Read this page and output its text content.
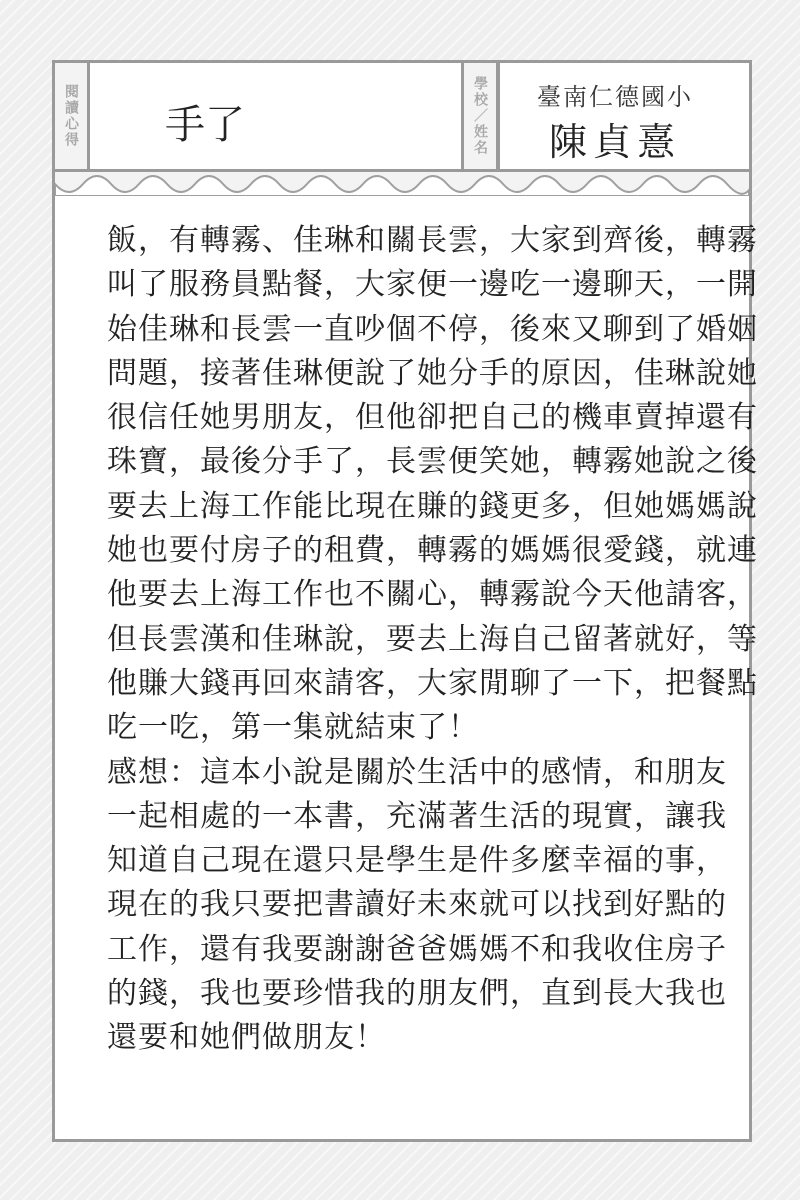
閱讀心得 手了
學校
／
姓名
臺南仁德國小
陳貞憙
飯，有轉霧、佳琳和關長雲，大家到齊後，轉霧
叫了服務員點餐，大家便一邊吃一邊聊天，一開
始佳琳和長雲一直吵個不停，後來又聊到了婚姻
問題，接著佳琳便說了她分手的原因，佳琳說她
很信任她男朋友，但他卻把自己的機車賣掉還有
珠寶，最後分手了，長雲便笑她，轉霧她說之後
要去上海工作能比現在賺的錢更多，但她媽媽說
她也要付房子的租費，轉霧的媽媽很愛錢，就連
他要去上海工作也不關心，轉霧說今天他請客，
但長雲漢和佳琳說，要去上海自己留著就好，等
他賺大錢再回來請客，大家閒聊了一下，把餐點
吃一吃，第一集就結束了！
感想：這本小說是關於生活中的感情，和朋友
一起相處的一本書，充滿著生活的現實，讓我
知道自己現在還只是學生是件多麼幸福的事，
現在的我只要把書讀好未來就可以找到好點的
工作，還有我要謝謝爸爸媽媽不和我收住房子
的錢，我也要珍惜我的朋友們，直到長大我也
還要和她們做朋友！
